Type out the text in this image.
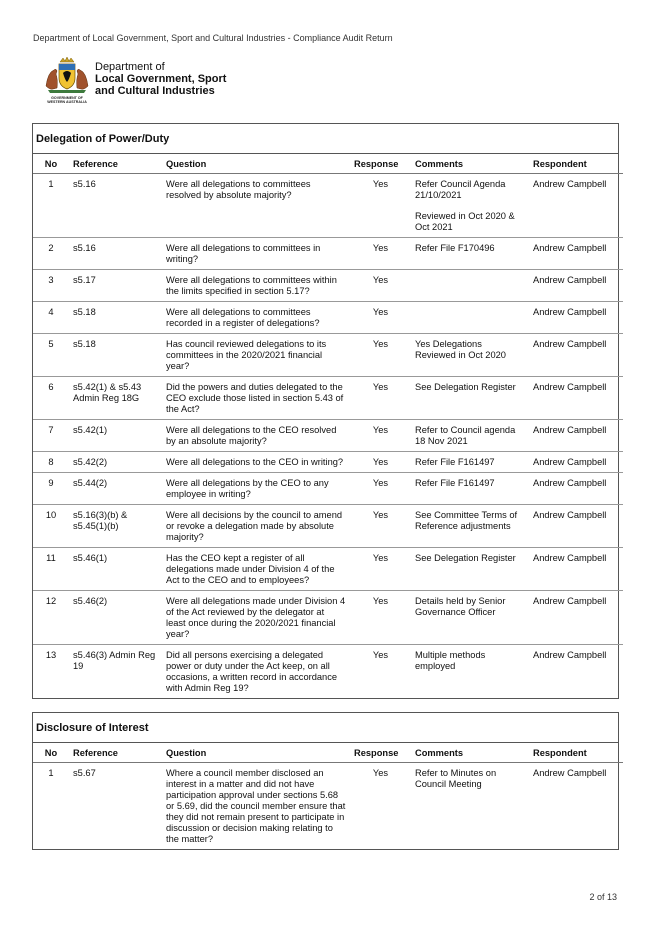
Department of Local Government, Sport and Cultural Industries - Compliance Audit Return
GOVERNMENT OF
WESTERN AUSTRALIA
Department of
Local Government, Sport
and Cultural Industries
Delegation of Power/Duty
No	Reference	Question	Response	Comments	Respondent
1	s5.16	Were all delegations to committees resolved by absolute majority?	Yes	Refer Council Agenda 21/10/2021
Reviewed in Oct 2020 & Oct 2021	Andrew Campbell
2	s5.16	Were all delegations to committees in writing?	Yes	Refer File F170496	Andrew Campbell
3	s5.17	Were all delegations to committees within the limits specified in section 5.17?	Yes		Andrew Campbell
4	s5.18	Were all delegations to committees recorded in a register of delegations?	Yes		Andrew Campbell
5	s5.18	Has council reviewed delegations to its committees in the 2020/2021 financial year?	Yes	Yes Delegations Reviewed in Oct 2020	Andrew Campbell
6	s5.42(1) & s5.43 Admin Reg 18G	Did the powers and duties delegated to the CEO exclude those listed in section 5.43 of the Act?	Yes	See Delegation Register	Andrew Campbell
7	s5.42(1)	Were all delegations to the CEO resolved by an absolute majority?	Yes	Refer to Council agenda 18 Nov 2021	Andrew Campbell
8	s5.42(2)	Were all delegations to the CEO in writing?	Yes	Refer File F161497	Andrew Campbell
9	s5.44(2)	Were all delegations by the CEO to any employee in writing?	Yes	Refer File F161497	Andrew Campbell
10	s5.16(3)(b) & s5.45(1)(b)	Were all decisions by the council to amend or revoke a delegation made by absolute majority?	Yes	See Committee Terms of Reference adjustments	Andrew Campbell
11	s5.46(1)	Has the CEO kept a register of all delegations made under Division 4 of the Act to the CEO and to employees?	Yes	See Delegation Register	Andrew Campbell
12	s5.46(2)	Were all delegations made under Division 4 of the Act reviewed by the delegator at least once during the 2020/2021 financial year?	Yes	Details held by Senior Governance Officer	Andrew Campbell
13	s5.46(3) Admin Reg 19	Did all persons exercising a delegated power or duty under the Act keep, on all occasions, a written record in accordance with Admin Reg 19?	Yes	Multiple methods employed	Andrew Campbell
Disclosure of Interest
No	Reference	Question	Response	Comments	Respondent
1	s5.67	Where a council member disclosed an interest in a matter and did not have participation approval under sections 5.68 or 5.69, did the council member ensure that they did not remain present to participate in discussion or decision making relating to the matter?	Yes	Refer to Minutes on Council Meeting	Andrew Campbell
2 of 13
